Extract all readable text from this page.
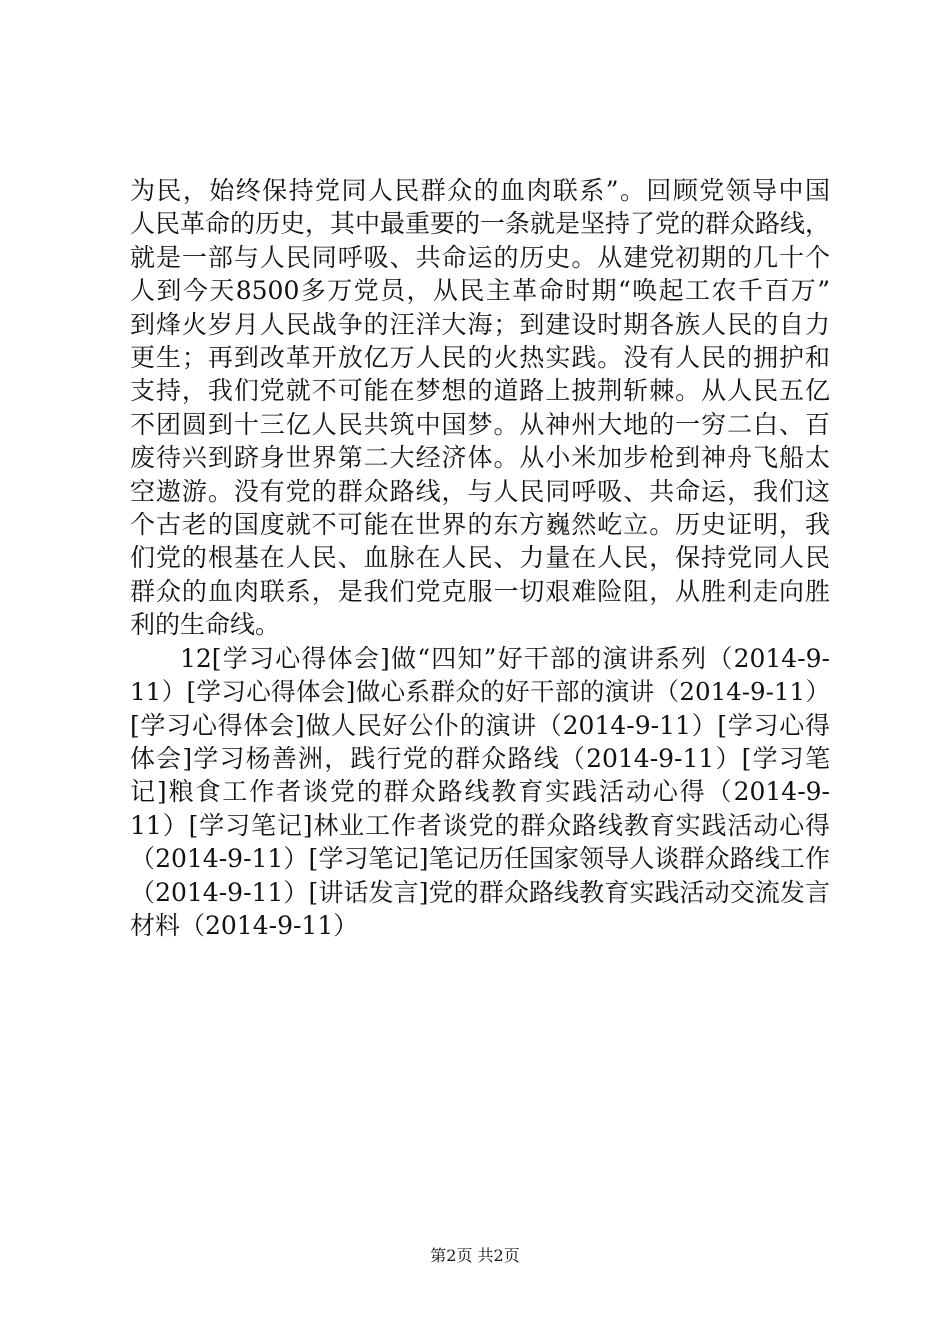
为民，始终保持党同人民群众的血肉联系”。回顾党领导中国
人民革命的历史，其中最重要的一条就是坚持了党的群众路线，
就是一部与人民同呼吸、共命运的历史。从建党初期的几十个
人到今天8500多万党员，从民主革命时期“唤起工农千百万”
到烽火岁月人民战争的汪洋大海；到建设时期各族人民的自力
更生；再到改革开放亿万人民的火热实践。没有人民的拥护和
支持，我们党就不可能在梦想的道路上披荆斩棘。从人民五亿
不团圆到十三亿人民共筑中国梦。从神州大地的一穷二白、百
废待兴到跻身世界第二大经济体。从小米加步枪到神舟飞船太
空遨游。没有党的群众路线，与人民同呼吸、共命运，我们这
个古老的国度就不可能在世界的东方巍然屹立。历史证明，我
们党的根基在人民、血脉在人民、力量在人民，保持党同人民
群众的血肉联系，是我们党克服一切艰难险阻，从胜利走向胜
利的生命线。
12[学习心得体会]做“四知”好干部的演讲系列（2014-9-
11）[学习心得体会]做心系群众的好干部的演讲（2014-9-11）
[学习心得体会]做人民好公仆的演讲（2014-9-11）[学习心得
体会]学习杨善洲，践行党的群众路线（2014-9-11）[学习笔
记]粮食工作者谈党的群众路线教育实践活动心得（2014-9-
11）[学习笔记]林业工作者谈党的群众路线教育实践活动心得
（2014-9-11）[学习笔记]笔记历任国家领导人谈群众路线工作
（2014-9-11）[讲话发言]党的群众路线教育实践活动交流发言
材料（2014-9-11）
第2页 共2页
